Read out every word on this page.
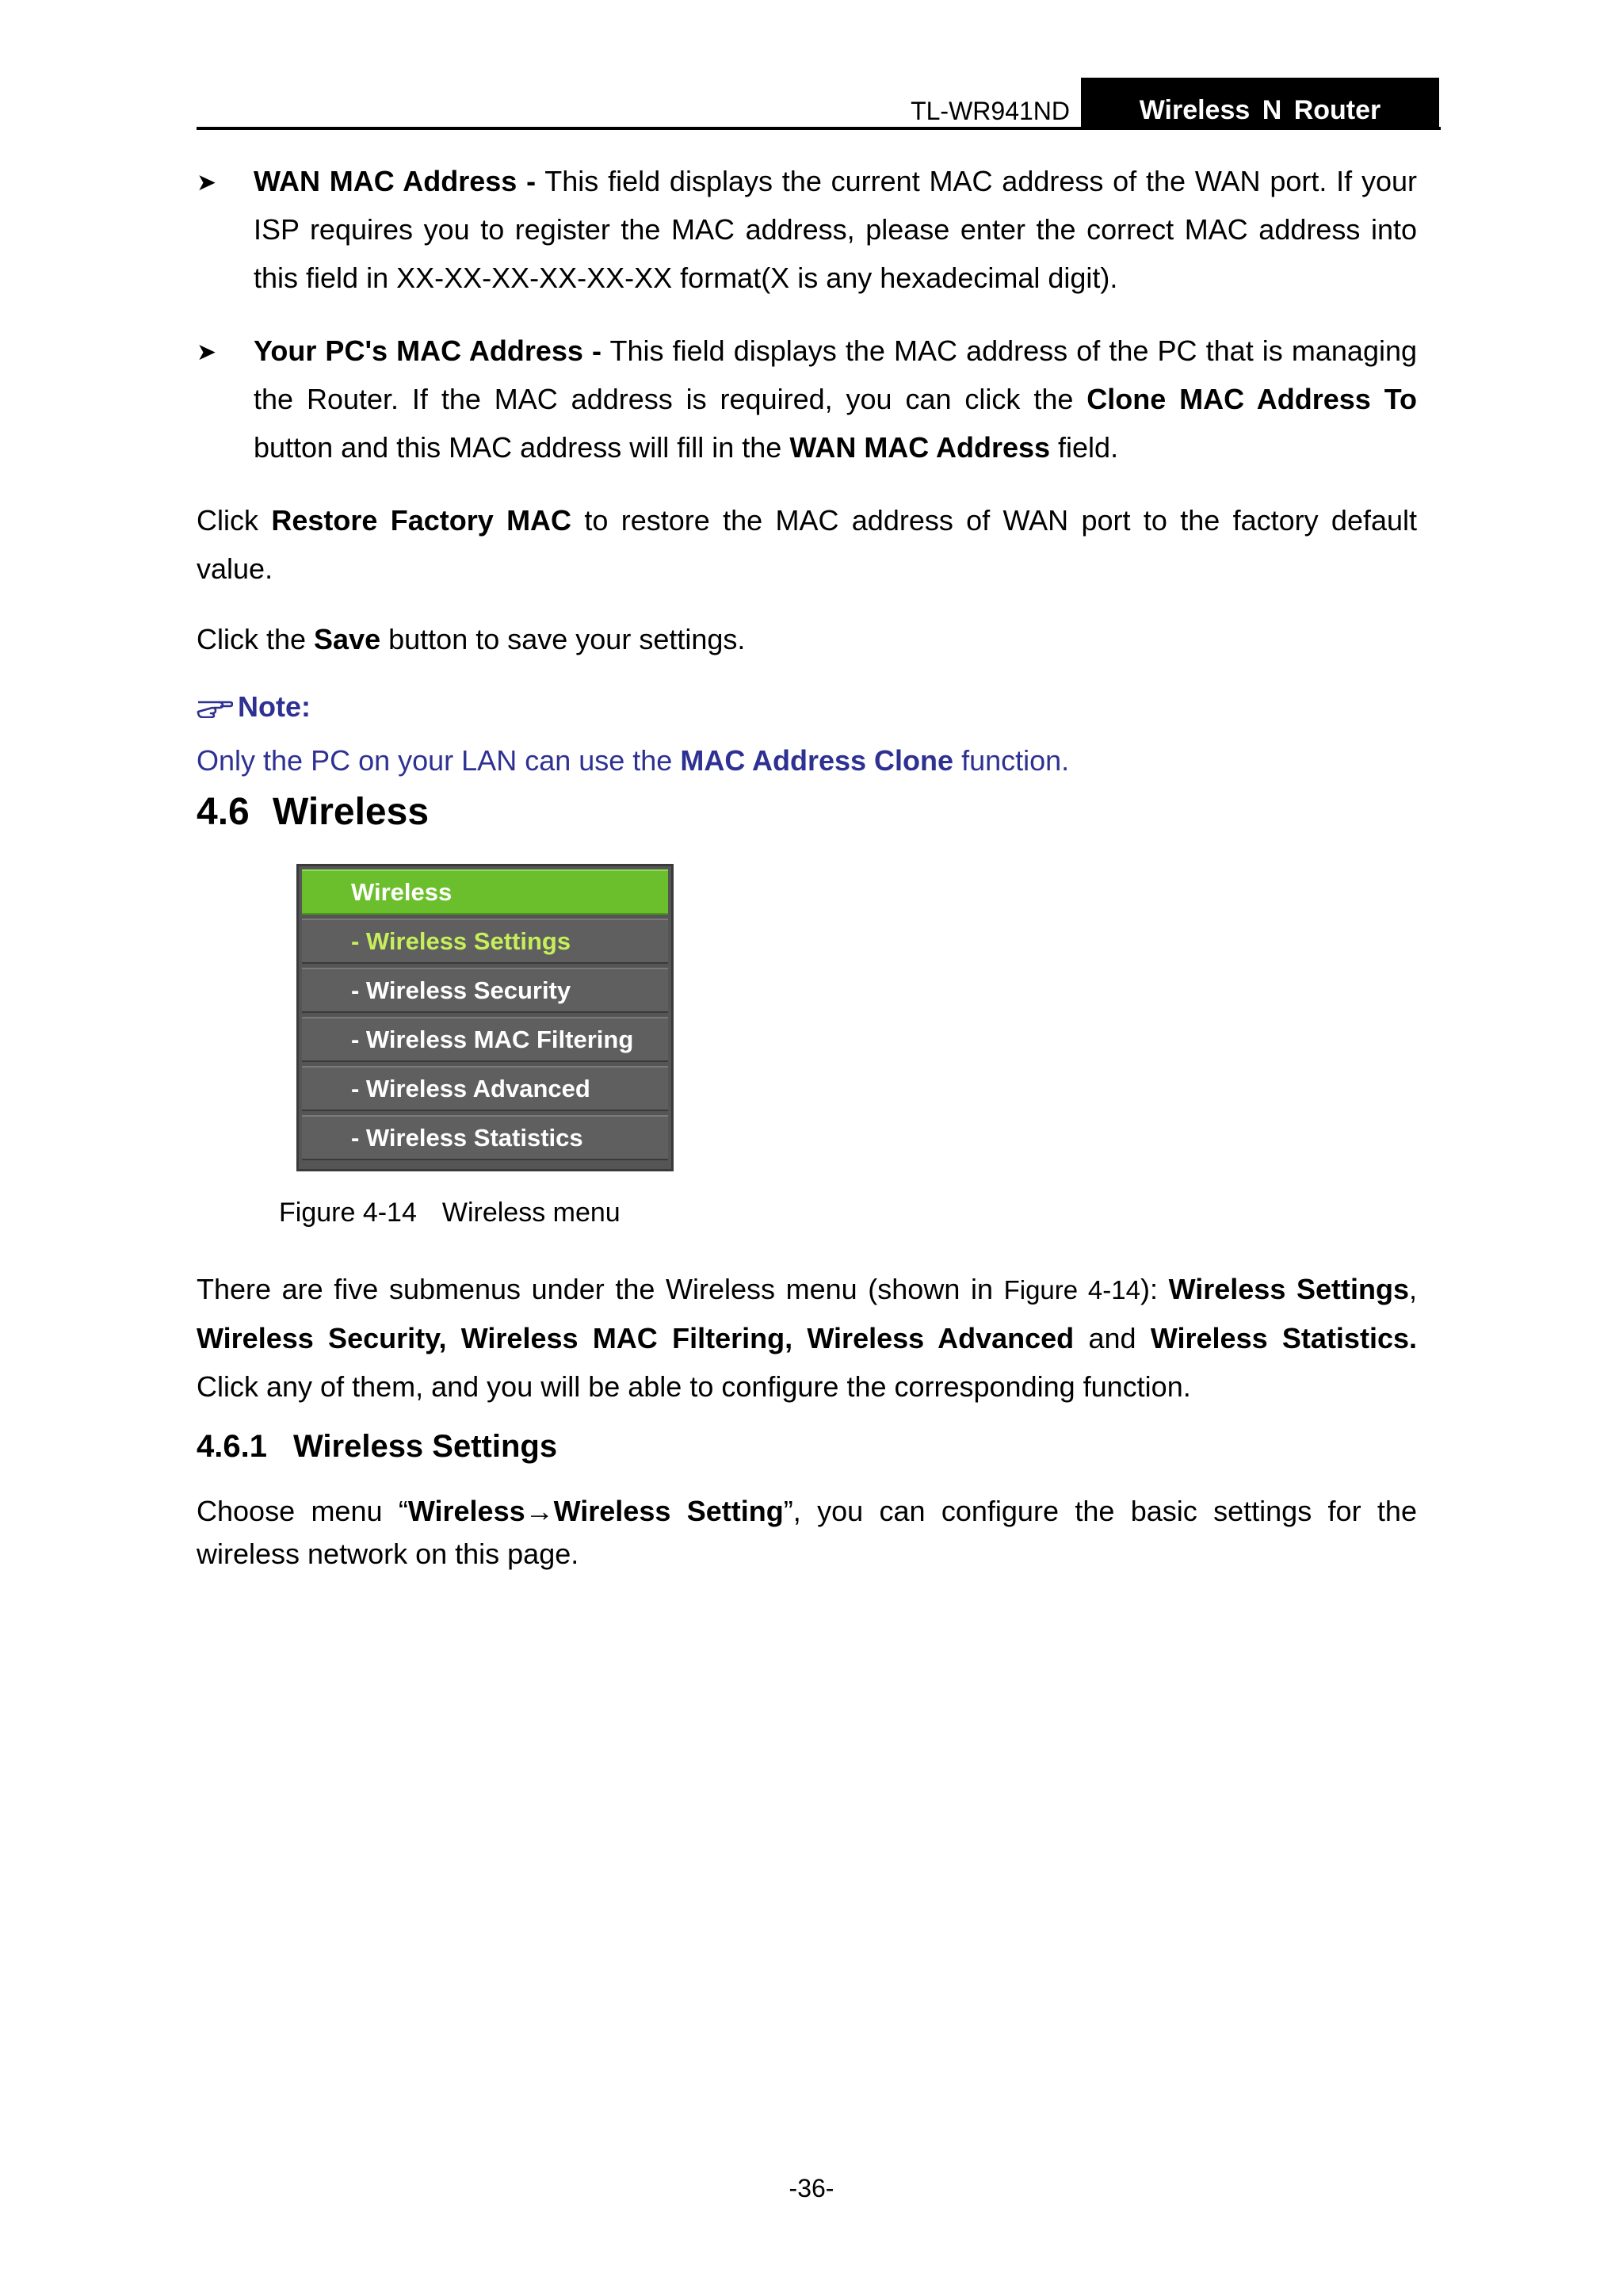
TL-WR941ND	Wireless N Router
➤ WAN MAC Address - This field displays the current MAC address of the WAN port. If your ISP requires you to register the MAC address, please enter the correct MAC address into this field in XX-XX-XX-XX-XX-XX format(X is any hexadecimal digit).

➤ Your PC's MAC Address - This field displays the MAC address of the PC that is managing the Router. If the MAC address is required, you can click the Clone MAC Address To button and this MAC address will fill in the WAN MAC Address field.

Click Restore Factory MAC to restore the MAC address of WAN port to the factory default value.

Click the Save button to save your settings.

Note:
Only the PC on your LAN can use the MAC Address Clone function.
4.6 Wireless
Wireless
- Wireless Settings
- Wireless Security
- Wireless MAC Filtering
- Wireless Advanced
- Wireless Statistics
Figure 4-14 Wireless menu

There are five submenus under the Wireless menu (shown in Figure 4-14): Wireless Settings, Wireless Security, Wireless MAC Filtering, Wireless Advanced and Wireless Statistics. Click any of them, and you will be able to configure the corresponding function.

4.6.1 Wireless Settings

Choose menu “Wireless→Wireless Setting”, you can configure the basic settings for the wireless network on this page.

-36-
